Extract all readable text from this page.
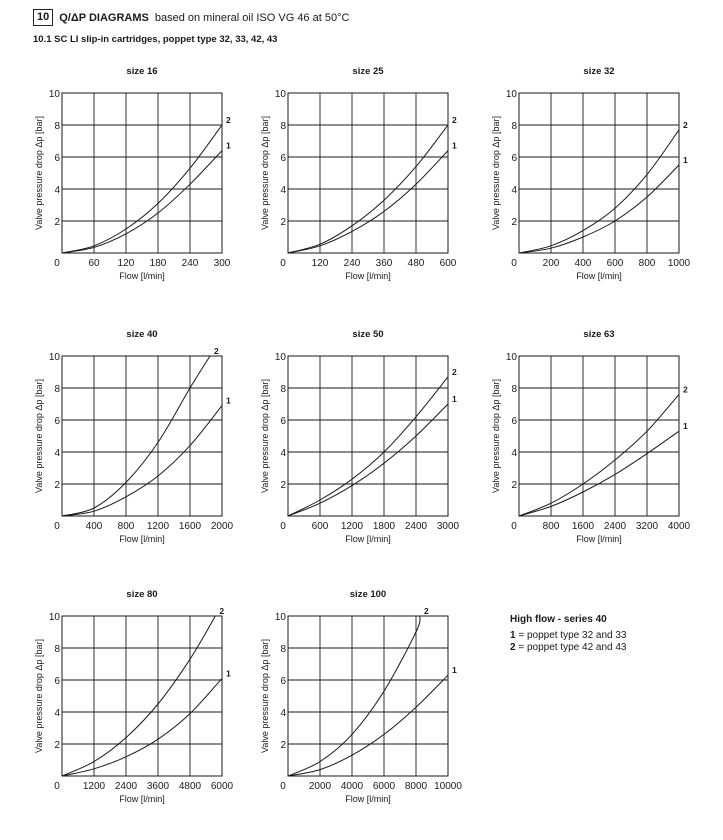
10 Q/ΔP DIAGRAMS based on mineral oil ISO VG 46 at 50°C
10.1 SC LI slip-in cartridges, poppet type 32, 33, 42, 43
size 16
0	60 120 180 240 300
2
4
6
8
10
Flow [l/min]
Valve pressure drop Δp [bar]	1
2
size 25
0	120 240 360 480 600
2
4
6
8
10
Flow [l/min]
Valve pressure drop Δp [bar]	1
2
size 32
0	200 400 600 800 1000
2
4
6
8
10
Flow [l/min]
Valve pressure drop Δp [bar]	1
2
size 40
0	400 800 1200 1600 2000
2
4
6
8
10
Flow [l/min]
Valve pressure drop Δp [bar]	1
2
size 50
0	600 1200 1800 2400 3000
2
4
6
8
10
Flow [l/min]
Valve pressure drop Δp [bar]	1
2
size 63
0	800 1600 2400 3200 4000
2
4
6
8
10
Flow [l/min]
Valve pressure drop Δp [bar]	1
2
size 80
0 1200 2400 3600 4800 6000
2
4
6
8
10
Flow [l/min]
Valve pressure drop Δp [bar]	1
2
size 100
0 2000 4000 6000 8000 10000
2
4
6
8
10
Flow [l/min]
Valve pressure drop Δp [bar]	1
2
High flow - series 40
1 = poppet type 32 and 33
2 = poppet type 42 and 43
